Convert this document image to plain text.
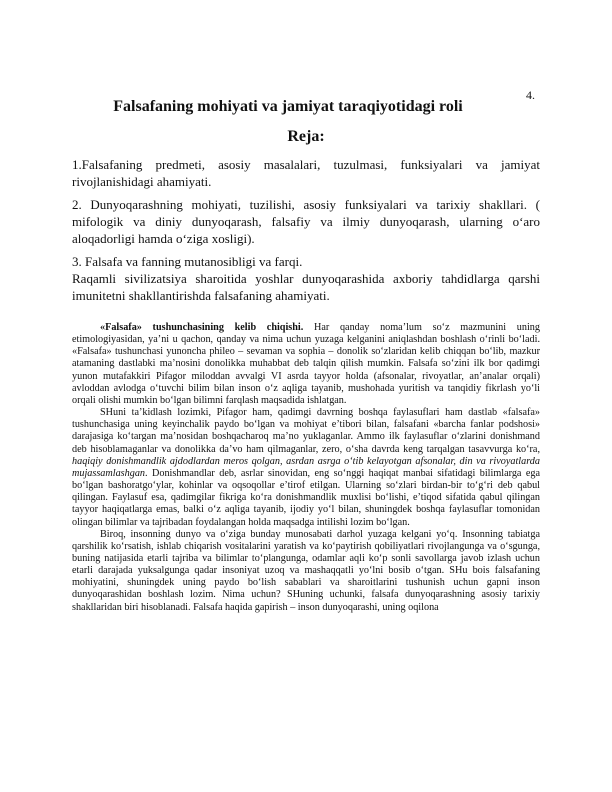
4.
Falsafaning mohiyati va jamiyat taraqiyotidagi roli
Reja:

1.Falsafaning predmeti, asosiy masalalari, tuzulmasi, funksiyalari va jamiyat rivojlanishidagi ahamiyati.

2. Dunyoqarashning mohiyati, tuzilishi, asosiy funksiyalari va tarixiy shakllari. ( mifologik va diniy dunyoqarash, falsafiy va ilmiy dunyoqarash, ularning o‘aro aloqadorligi hamda o‘ziga xosligi).

3. Falsafa va fanning mutanosibligi va farqi.

Raqamli sivilizatsiya sharoitida yoshlar dunyoqarashida axboriy tahdidlarga qarshi imunitetni shakllantirishda falsafaning ahamiyati.

«Falsafa» tushunchasining kelib chiqishi. Har qanday noma’lum so‘z mazmunini uning etimologiyasidan, ya’ni u qachon, qanday va nima uchun yuzaga kelganini aniqlashdan boshlash o‘rinli bo‘ladi. «Falsafa» tushunchasi yunoncha phileo – sevaman va sophia – donolik so‘zlaridan kelib chiqqan bo‘lib, mazkur atamaning dastlabki ma’nosini donolikka muhabbat deb talqin qilish mumkin. Falsafa so‘zini ilk bor qadimgi yunon mutafakkiri Pifagor miloddan avvalgi VI asrda tayyor holda (afsonalar, rivoyatlar, an’analar orqali) avloddan avlodga o‘tuvchi bilim bilan inson o‘z aqliga tayanib, mushohada yuritish va tanqidiy fikrlash yo‘li orqali olishi mumkin bo‘lgan bilimni farqlash maqsadida ishlatgan.

SHuni ta’kidlash lozimki, Pifagor ham, qadimgi davrning boshqa faylasuflari ham dastlab «falsafa» tushunchasiga uning keyinchalik paydo bo‘lgan va mohiyat e’tibori bilan, falsafani «barcha fanlar podshosi» darajasiga ko‘targan ma’nosidan boshqacharoq ma’no yuklaganlar. Ammo ilk faylasuflar o‘zlarini donishmand deb hisoblamaganlar va donolikka da’vo ham qilmaganlar, zero, o‘sha davrda keng tarqalgan tasavvurga ko‘ra, haqiqiy donishmandlik ajdodlardan meros qolgan, asrdan asrga o‘tib kelayotgan afsonalar, din va rivoyatlarda mujassamlashgan. Donishmandlar deb, asrlar sinovidan, eng so‘nggi haqiqat manbai sifatidagi bilimlarga ega bo‘lgan bashoratgo‘ylar, kohinlar va oqsoqollar e’tirof etilgan. Ularning so‘zlari birdan-bir to‘g‘ri deb qabul qilingan. Faylasuf esa, qadimgilar fikriga ko‘ra donishmandlik muxlisi bo‘lishi, e’tiqod sifatida qabul qilingan tayyor haqiqatlarga emas, balki o‘z aqliga tayanib, ijodiy yo‘l bilan, shuningdek boshqa faylasuflar tomonidan olingan bilimlar va tajribadan foydalangan holda maqsadga intilishi lozim bo‘lgan.

Biroq, insonning dunyo va o‘ziga bunday munosabati darhol yuzaga kelgani yo‘q. Insonning tabiatga qarshilik ko‘rsatish, ishlab chiqarish vositalarini yaratish va ko‘paytirish qobiliyatlari rivojlangunga va o‘sgunga, buning natijasida etarli tajriba va bilimlar to‘plangunga, odamlar aqli ko‘p sonli savollarga javob izlash uchun etarli darajada yuksalgunga qadar insoniyat uzoq va mashaqqatli yo‘lni bosib o‘tgan. SHu bois falsafaning mohiyatini, shuningdek uning paydo bo‘lish sabablari va sharoitlarini tushunish uchun gapni inson dunyoqarashidan boshlash lozim. Nima uchun? SHuning uchunki, falsafa dunyoqarashning asosiy tarixiy shakllaridan biri hisoblanadi. Falsafa haqida gapirish – inson dunyoqarashi, uning oqilona
